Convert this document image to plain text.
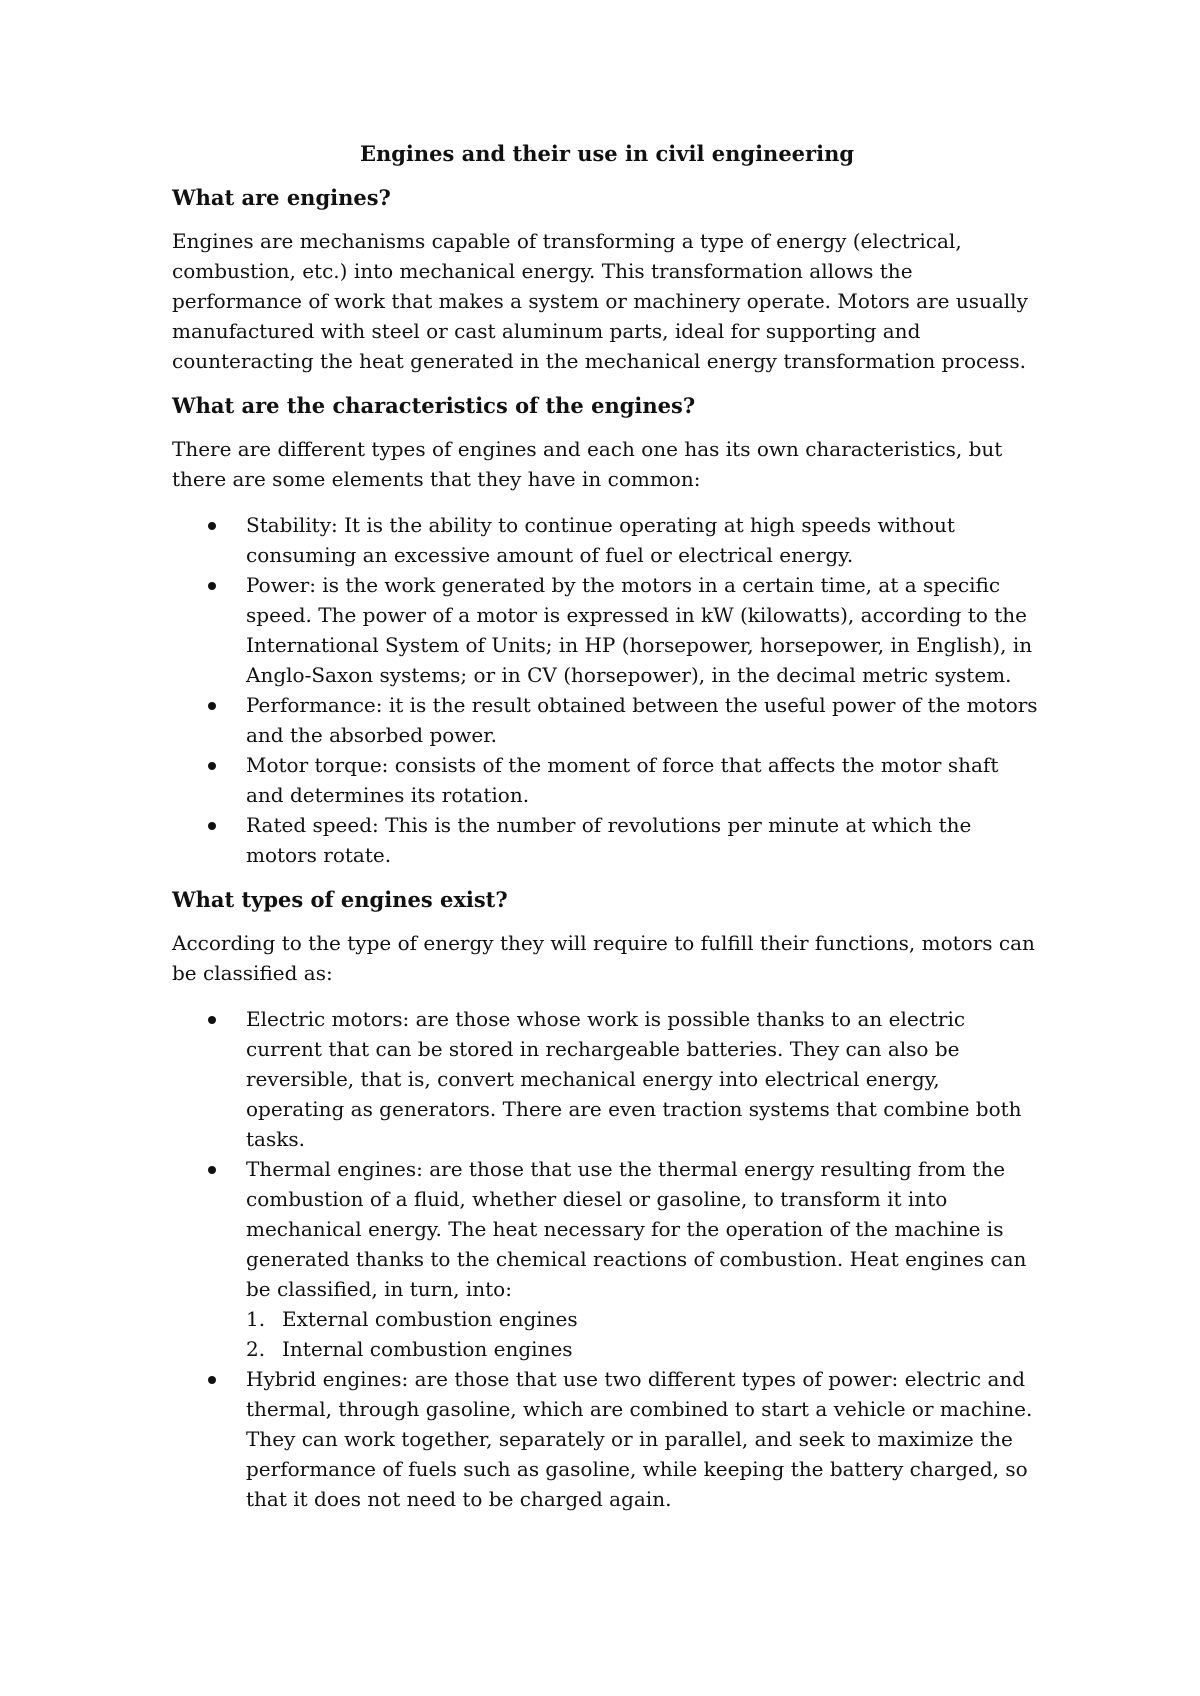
Engines and their use in civil engineering
What are engines?

Engines are mechanisms capable of transforming a type of energy (electrical, combustion, etc.) into mechanical energy. This transformation allows the performance of work that makes a system or machinery operate. Motors are usually manufactured with steel or cast aluminum parts, ideal for supporting and counteracting the heat generated in the mechanical energy transformation process.

What are the characteristics of the engines?

There are different types of engines and each one has its own characteristics, but there are some elements that they have in common:

Stability: It is the ability to continue operating at high speeds without consuming an excessive amount of fuel or electrical energy.
Power: is the work generated by the motors in a certain time, at a specific speed. The power of a motor is expressed in kW (kilowatts), according to the International System of Units; in HP (horsepower, horsepower, in English), in Anglo-Saxon systems; or in CV (horsepower), in the decimal metric system.
Performance: it is the result obtained between the useful power of the motors and the absorbed power.
Motor torque: consists of the moment of force that affects the motor shaft and determines its rotation.
Rated speed: This is the number of revolutions per minute at which the motors rotate.
What types of engines exist?

According to the type of energy they will require to fulfill their functions, motors can be classified as:

Electric motors: are those whose work is possible thanks to an electric current that can be stored in rechargeable batteries. They can also be reversible, that is, convert mechanical energy into electrical energy, operating as generators. There are even traction systems that combine both tasks.
Thermal engines: are those that use the thermal energy resulting from the combustion of a fluid, whether diesel or gasoline, to transform it into mechanical energy. The heat necessary for the operation of the machine is generated thanks to the chemical reactions of combustion. Heat engines can be classified, in turn, into:
1. External combustion engines
2. Internal combustion engines
Hybrid engines: are those that use two different types of power: electric and thermal, through gasoline, which are combined to start a vehicle or machine. They can work together, separately or in parallel, and seek to maximize the performance of fuels such as gasoline, while keeping the battery charged, so that it does not need to be charged again.
